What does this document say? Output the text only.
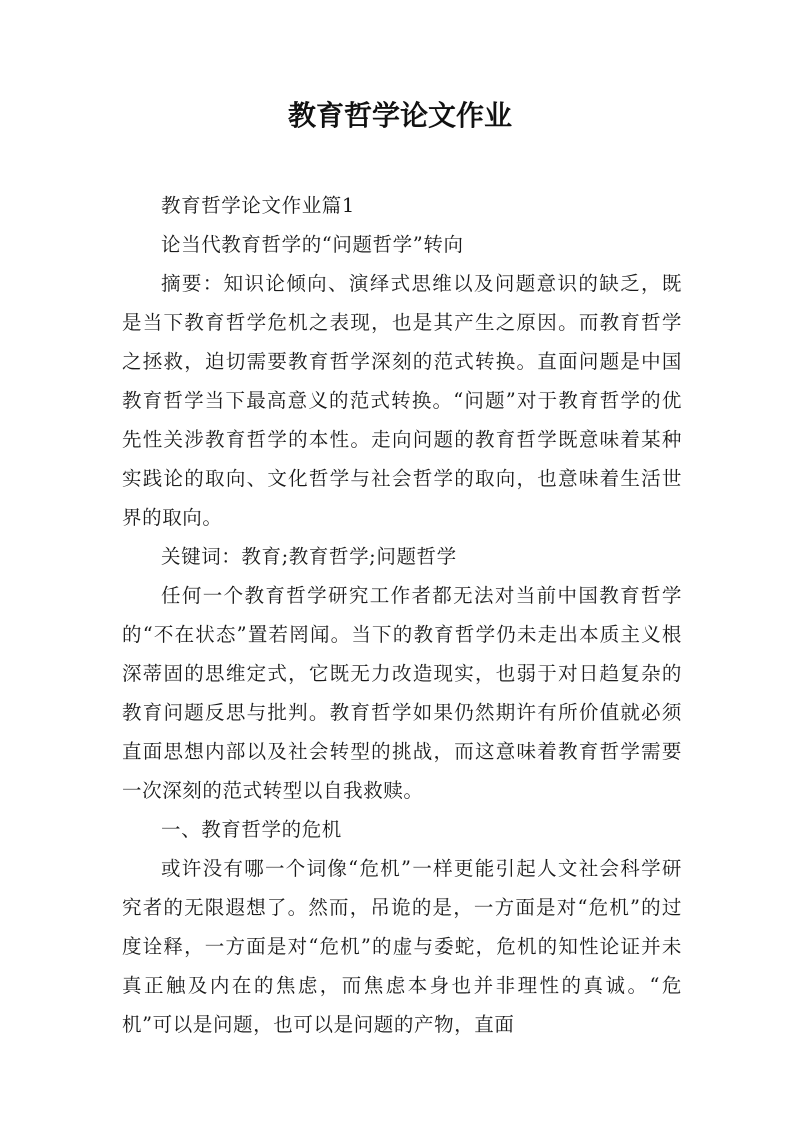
教育哲学论文作业

教育哲学论文作业篇1

论当代教育哲学的“问题哲学”转向

摘要：知识论倾向、演绎式思维以及问题意识的缺乏，既是当下教育哲学危机之表现，也是其产生之原因。而教育哲学之拯救，迫切需要教育哲学深刻的范式转换。直面问题是中国教育哲学当下最高意义的范式转换。“问题”对于教育哲学的优先性关涉教育哲学的本性。走向问题的教育哲学既意味着某种实践论的取向、文化哲学与社会哲学的取向，也意味着生活世界的取向。

关键词：教育;教育哲学;问题哲学

任何一个教育哲学研究工作者都无法对当前中国教育哲学的“不在状态”置若罔闻。当下的教育哲学仍未走出本质主义根深蒂固的思维定式，它既无力改造现实，也弱于对日趋复杂的教育问题反思与批判。教育哲学如果仍然期许有所价值就必须直面思想内部以及社会转型的挑战，而这意味着教育哲学需要一次深刻的范式转型以自我救赎。

一、教育哲学的危机

或许没有哪一个词像“危机”一样更能引起人文社会科学研究者的无限遐想了。然而，吊诡的是，一方面是对“危机”的过度诠释，一方面是对“危机”的虚与委蛇，危机的知性论证并未真正触及内在的焦虑，而焦虑本身也并非理性的真诚。“危机”可以是问题，也可以是问题的产物，直面
